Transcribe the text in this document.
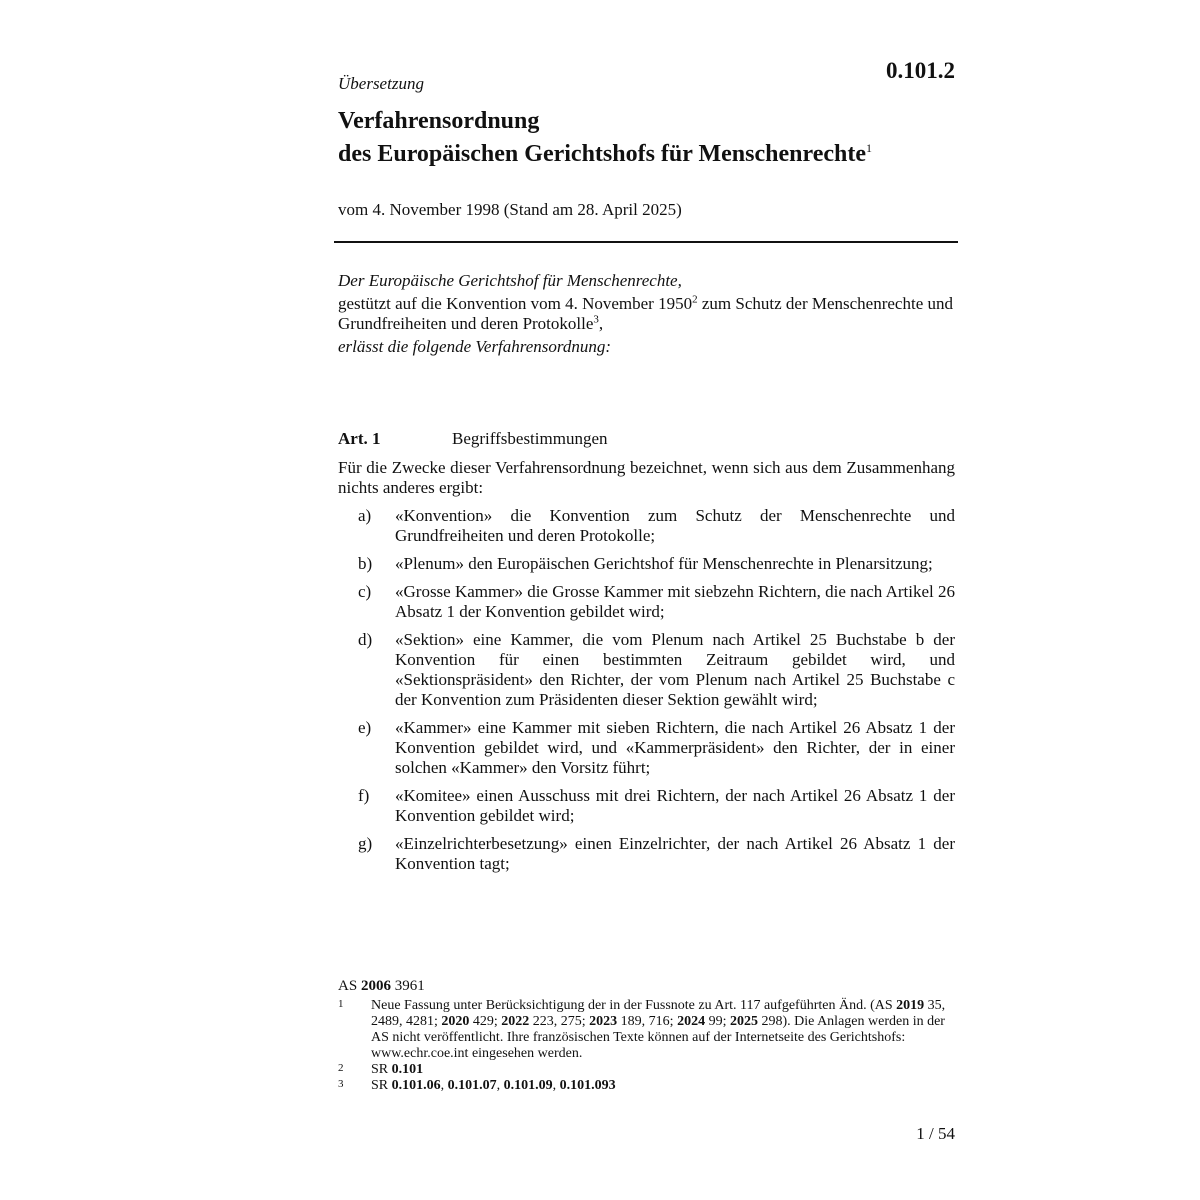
0.101.2
Übersetzung
Verfahrensordnung
des Europäischen Gerichtshofs für Menschenrechte$^1$
vom 4. November 1998 (Stand am 28. April 2025)

Der Europäische Gerichtshof für Menschenrechte,

gestützt auf die Konvention vom 4. November 1950$^2$ zum Schutz der Menschenrechte und Grundfreiheiten und deren Protokolle$^3$,

erlässt die folgende Verfahrensordnung:

Art. 1	Begriffsbestimmungen
Für die Zwecke dieser Verfahrensordnung bezeichnet, wenn sich aus dem Zusammenhang nichts anderes ergibt:
a)	«Konvention» die Konvention zum Schutz der Menschenrechte und Grundfreiheiten und deren Protokolle;
b)	«Plenum» den Europäischen Gerichtshof für Menschenrechte in Plenarsitzung;
c)	«Grosse Kammer» die Grosse Kammer mit siebzehn Richtern, die nach Artikel 26 Absatz 1 der Konvention gebildet wird;
d)	«Sektion» eine Kammer, die vom Plenum nach Artikel 25 Buchstabe b der Konvention für einen bestimmten Zeitraum gebildet wird, und «Sektionspräsident» den Richter, der vom Plenum nach Artikel 25 Buchstabe c der Konvention zum Präsidenten dieser Sektion gewählt wird;
e)	«Kammer» eine Kammer mit sieben Richtern, die nach Artikel 26 Absatz 1 der Konvention gebildet wird, und «Kammerpräsident» den Richter, der in einer solchen «Kammer» den Vorsitz führt;
f)	«Komitee» einen Ausschuss mit drei Richtern, der nach Artikel 26 Absatz 1 der Konvention gebildet wird;
g)	«Einzelrichterbesetzung» einen Einzelrichter, der nach Artikel 26 Absatz 1 der Konvention tagt;
AS 2006 3961
1	Neue Fassung unter Berücksichtigung der in der Fussnote zu Art. 117 aufgeführten Änd. (AS 2019 35, 2489, 4281; 2020 429; 2022 223, 275; 2023 189, 716; 2024 99; 2025 298). Die Anlagen werden in der AS nicht veröffentlicht. Ihre französischen Texte können auf der Internetseite des Gerichtshofs: www.echr.coe.int eingesehen werden.
2	SR 0.101
3	SR 0.101.06, 0.101.07, 0.101.09, 0.101.093
1 / 54
